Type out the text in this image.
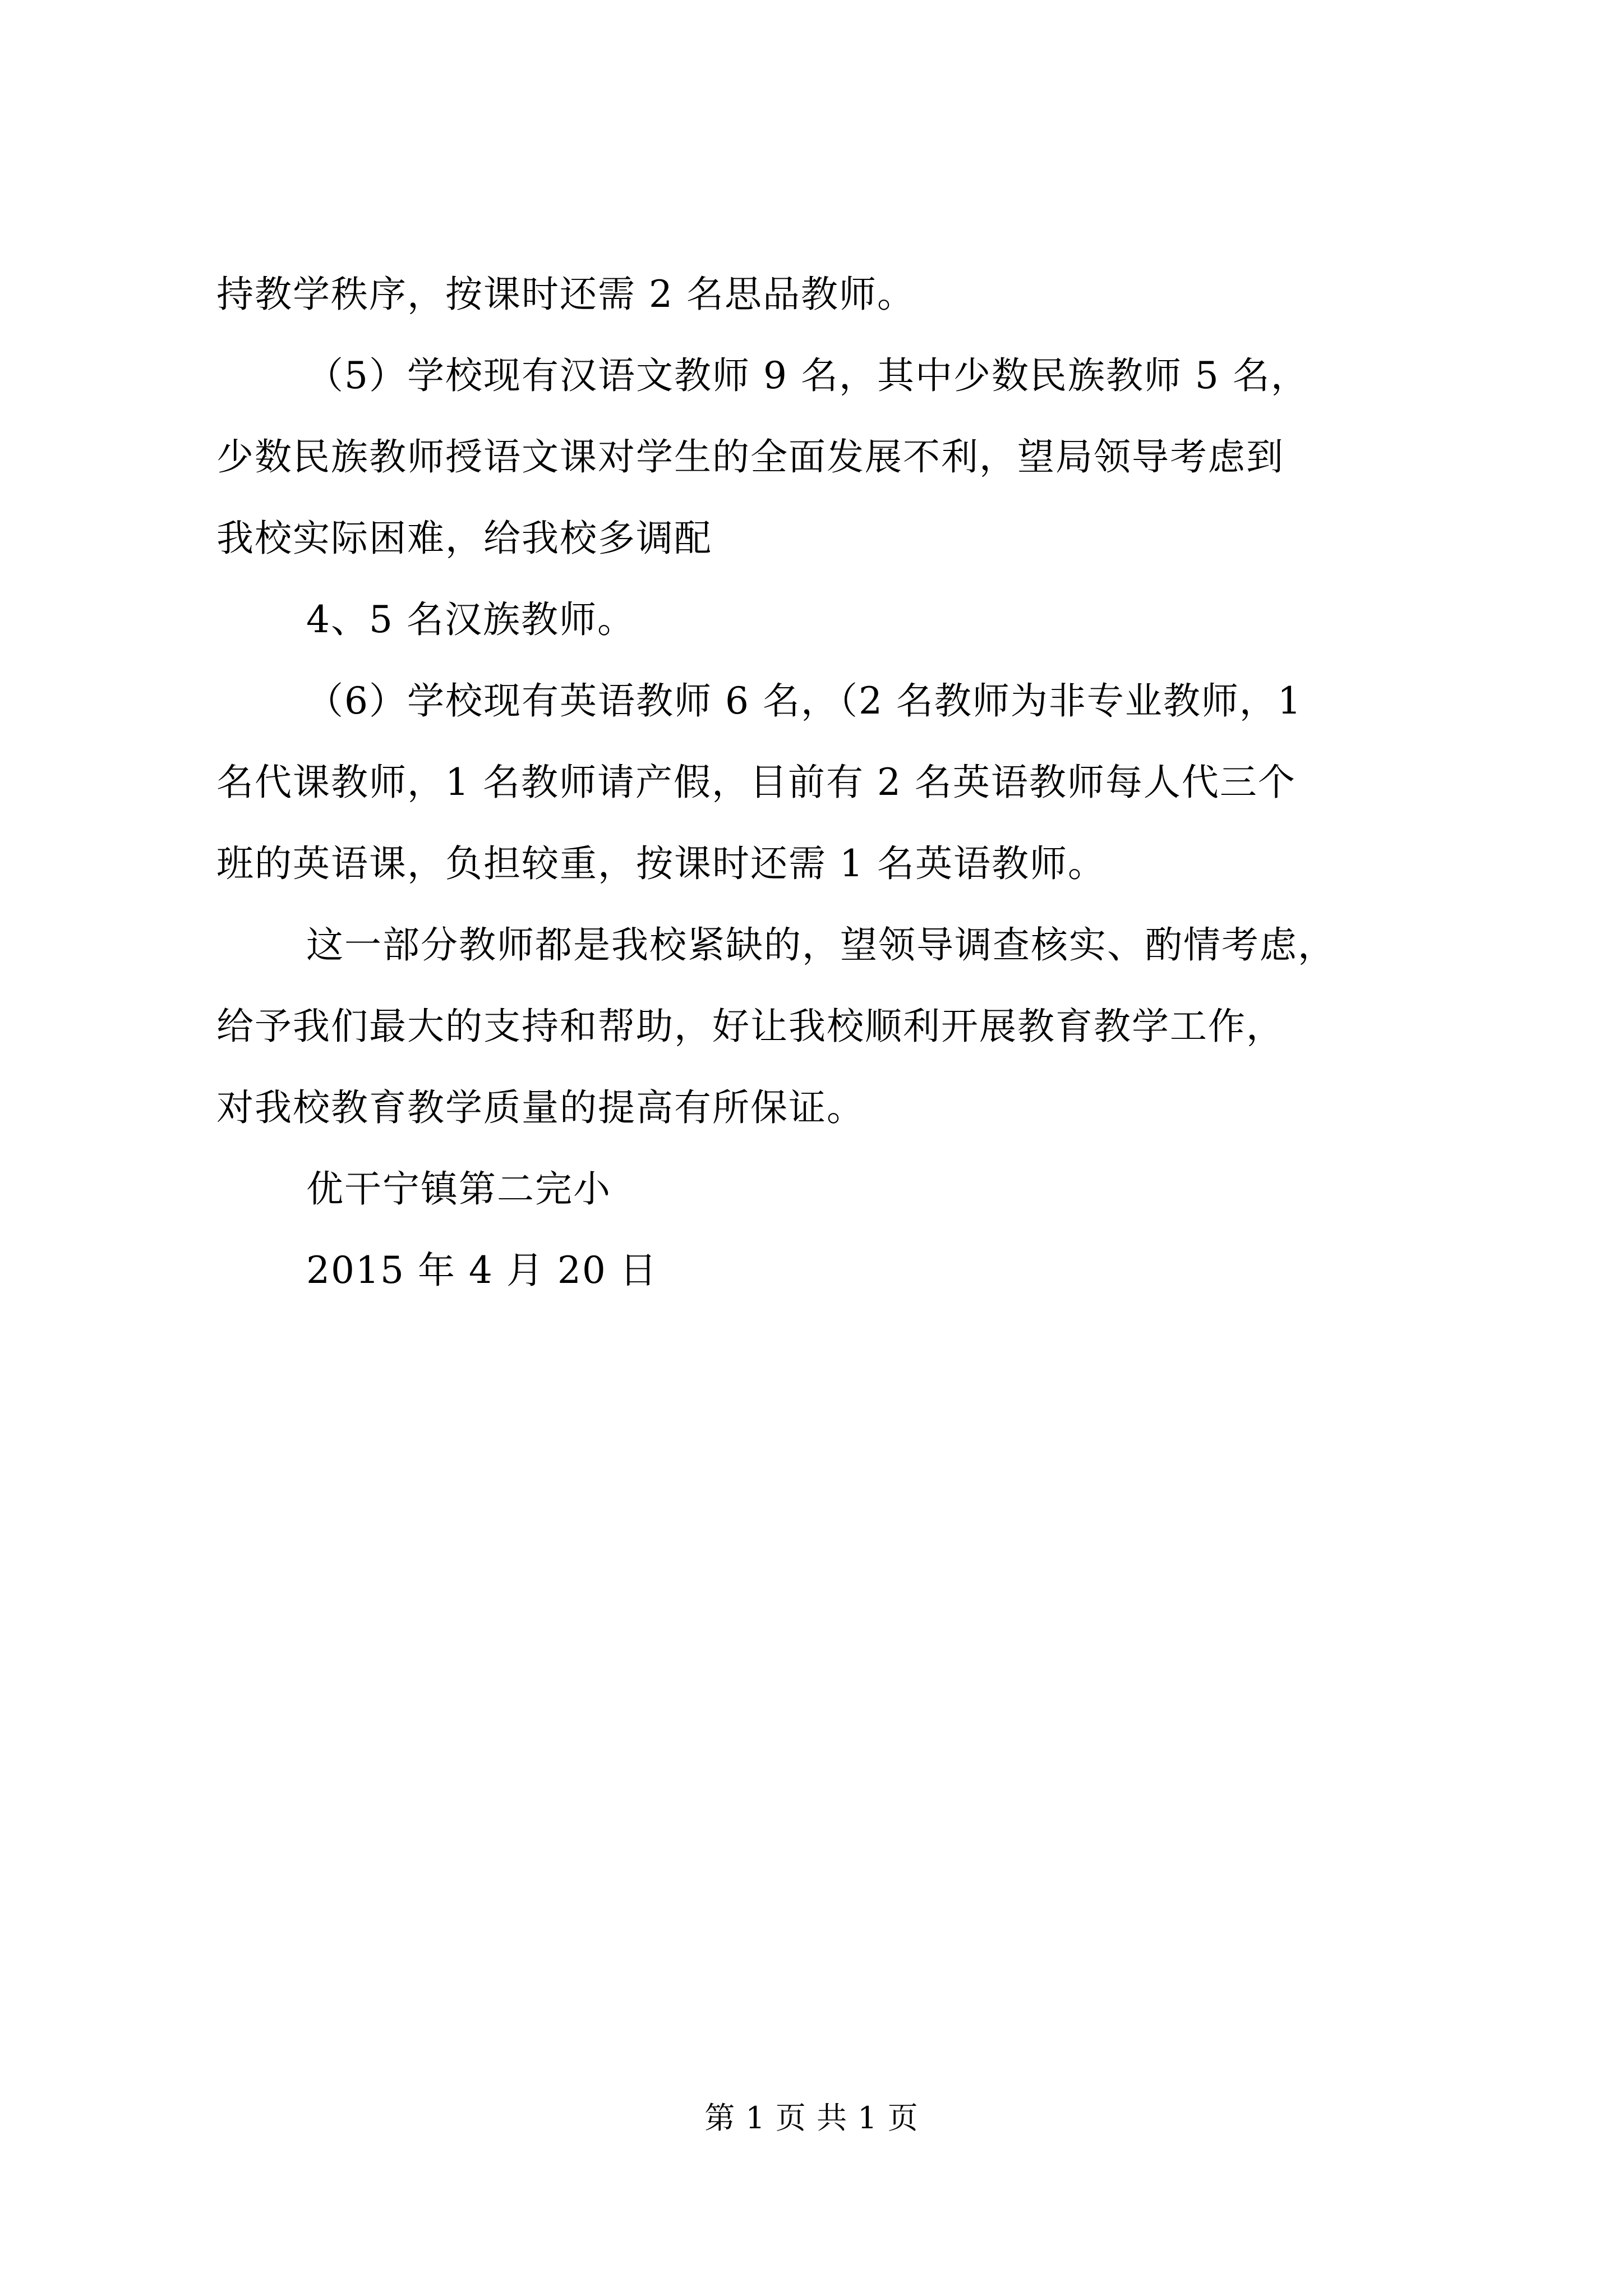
持教学秩序，按课时还需 2 名思品教师。
（5）学校现有汉语文教师 9 名，其中少数民族教师 5 名，
少数民族教师授语文课对学生的全面发展不利，望局领导考虑到
我校实际困难，给我校多调配
4、5 名汉族教师。
（6）学校现有英语教师 6 名，（2 名教师为非专业教师，1
名代课教师，1 名教师请产假，目前有 2 名英语教师每人代三个
班的英语课，负担较重，按课时还需 1 名英语教师。
这一部分教师都是我校紧缺的，望领导调查核实、酌情考虑，
给予我们最大的支持和帮助，好让我校顺利开展教育教学工作，
对我校教育教学质量的提高有所保证。
优干宁镇第二完小
2015 年 4 月 20 日
第 1 页 共 1 页
